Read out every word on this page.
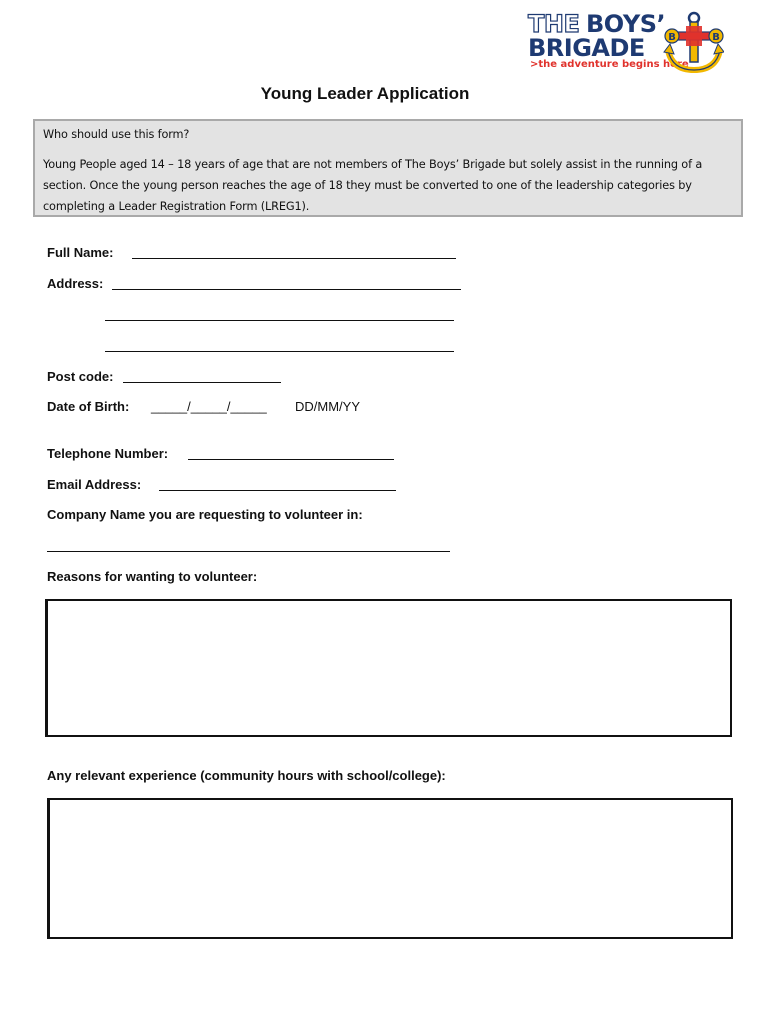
THE BOYS’
BRIGADE
>the adventure begins here
B	B
Young Leader Application

Who should use this form?

Young People aged 14 – 18 years of age that are not members of The Boys’ Brigade but solely assist in the running of a section. Once the young person reaches the age of 18 they must be converted to one of the leadership categories by completing a Leader Registration Form (LREG1).

Full Name:
Address:
Post code:
Date of Birth: _____/_____/_____ DD/MM/YY
Telephone Number:
Email Address:
Company Name you are requesting to volunteer in:
Reasons for wanting to volunteer:
Any relevant experience (community hours with school/college):
